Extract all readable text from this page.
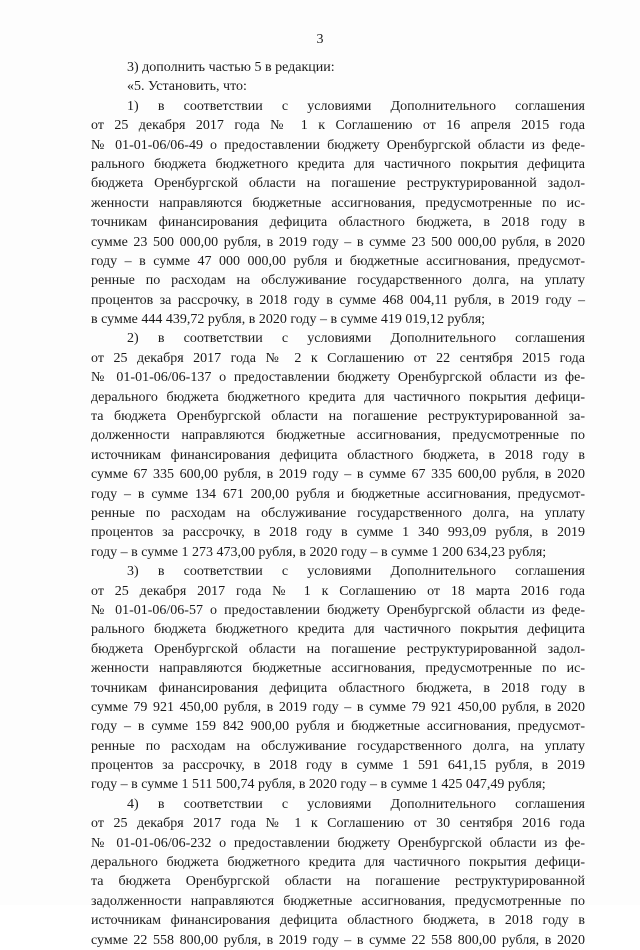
3
3) дополнить частью 5 в редакции:
«5. Установить, что:
1) в соответствии с условиями Дополнительного соглашения
от 25 декабря 2017 года № 1 к Соглашению от 16 апреля 2015 года
№ 01-01-06/06-49 о предоставлении бюджету Оренбургской области из феде-
рального бюджета бюджетного кредита для частичного покрытия дефицита
бюджета Оренбургской области на погашение реструктурированной задол-
женности направляются бюджетные ассигнования, предусмотренные по ис-
точникам финансирования дефицита областного бюджета, в 2018 году в
сумме 23 500 000,00 рубля, в 2019 году – в сумме 23 500 000,00 рубля, в 2020
году – в сумме 47 000 000,00 рубля и бюджетные ассигнования, предусмот-
ренные по расходам на обслуживание государственного долга, на уплату
процентов за рассрочку, в 2018 году в сумме 468 004,11 рубля, в 2019 году –
в сумме 444 439,72 рубля, в 2020 году – в сумме 419 019,12 рубля;
2) в соответствии с условиями Дополнительного соглашения
от 25 декабря 2017 года № 2 к Соглашению от 22 сентября 2015 года
№ 01-01-06/06-137 о предоставлении бюджету Оренбургской области из фе-
дерального бюджета бюджетного кредита для частичного покрытия дефици-
та бюджета Оренбургской области на погашение реструктурированной за-
долженности направляются бюджетные ассигнования, предусмотренные по
источникам финансирования дефицита областного бюджета, в 2018 году в
сумме 67 335 600,00 рубля, в 2019 году – в сумме 67 335 600,00 рубля, в 2020
году – в сумме 134 671 200,00 рубля и бюджетные ассигнования, предусмот-
ренные по расходам на обслуживание государственного долга, на уплату
процентов за рассрочку, в 2018 году в сумме 1 340 993,09 рубля, в 2019
году – в сумме 1 273 473,00 рубля, в 2020 году – в сумме 1 200 634,23 рубля;
3) в соответствии с условиями Дополнительного соглашения
от 25 декабря 2017 года № 1 к Соглашению от 18 марта 2016 года
№ 01-01-06/06-57 о предоставлении бюджету Оренбургской области из феде-
рального бюджета бюджетного кредита для частичного покрытия дефицита
бюджета Оренбургской области на погашение реструктурированной задол-
женности направляются бюджетные ассигнования, предусмотренные по ис-
точникам финансирования дефицита областного бюджета, в 2018 году в
сумме 79 921 450,00 рубля, в 2019 году – в сумме 79 921 450,00 рубля, в 2020
году – в сумме 159 842 900,00 рубля и бюджетные ассигнования, предусмот-
ренные по расходам на обслуживание государственного долга, на уплату
процентов за рассрочку, в 2018 году в сумме 1 591 641,15 рубля, в 2019
году – в сумме 1 511 500,74 рубля, в 2020 году – в сумме 1 425 047,49 рубля;
4) в соответствии с условиями Дополнительного соглашения
от 25 декабря 2017 года № 1 к Соглашению от 30 сентября 2016 года
№ 01-01-06/06-232 о предоставлении бюджету Оренбургской области из фе-
дерального бюджета бюджетного кредита для частичного покрытия дефици-
та бюджета Оренбургской области на погашение реструктурированной
задолженности направляются бюджетные ассигнования, предусмотренные по
источникам финансирования дефицита областного бюджета, в 2018 году в
сумме 22 558 800,00 рубля, в 2019 году – в сумме 22 558 800,00 рубля, в 2020
